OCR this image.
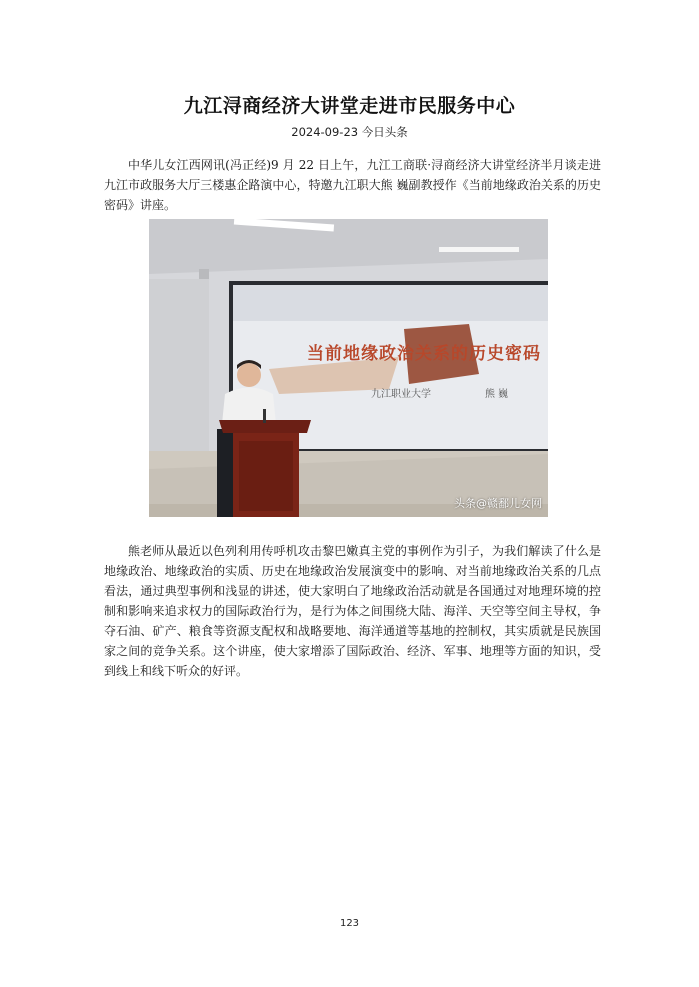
九江浔商经济大讲堂走进市民服务中心
2024-09-23 今日头条

中华儿女江西网讯(冯正经)9 月 22 日上午，九江工商联·浔商经济大讲堂经济半月谈走进九江市政服务大厅三楼惠企路演中心，特邀九江职大熊 巍副教授作《当前地缘政治关系的历史密码》讲座。

当前地缘政治关系的历史密码
九江职业大学	熊 巍
头条@赣鄱儿女网

熊老师从最近以色列利用传呼机攻击黎巴嫩真主党的事例作为引子，为我们解读了什么是地缘政治、地缘政治的实质、历史在地缘政治发展演变中的影响、对当前地缘政治关系的几点看法，通过典型事例和浅显的讲述，使大家明白了地缘政治活动就是各国通过对地理环境的控制和影响来追求权力的国际政治行为，是行为体之间围绕大陆、海洋、天空等空间主导权，争夺石油、矿产、粮食等资源支配权和战略要地、海洋通道等基地的控制权，其实质就是民族国家之间的竞争关系。这个讲座，使大家增添了国际政治、经济、军事、地理等方面的知识，受到线上和线下听众的好评。

123
